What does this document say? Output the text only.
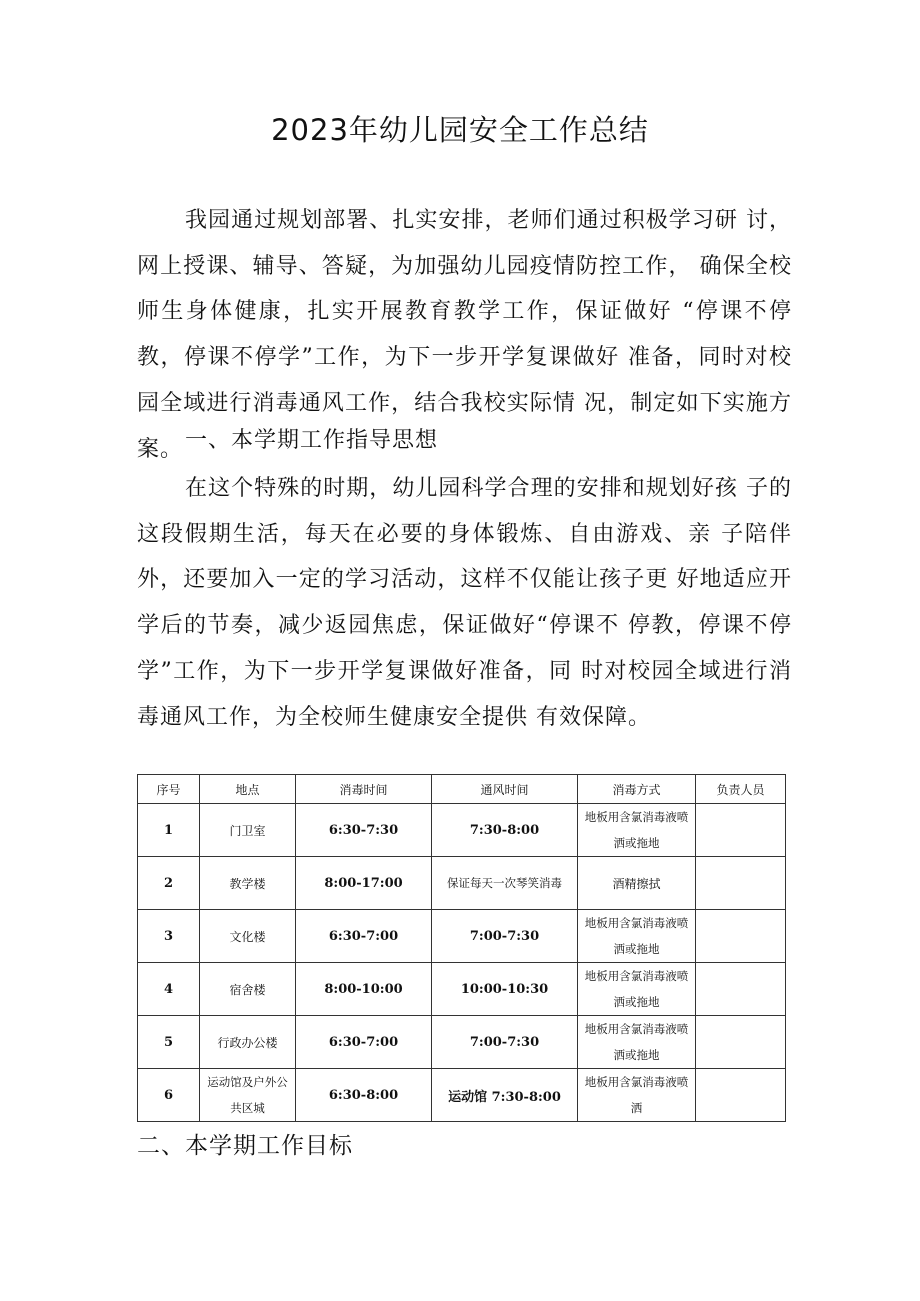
2023年幼儿园安全工作总结

我园通过规划部署、扎实安排，老师们通过积极学习研 讨，网上授课、辅导、答疑，为加强幼儿园疫情防控工作， 确保全校师生身体健康，扎实开展教育教学工作，保证做好 “停课不停教，停课不停学”工作，为下一步开学复课做好 准备，同时对校园全域进行消毒通风工作，结合我校实际情 况，制定如下实施方案。 一、本学期工作指导思想

在这个特殊的时期，幼儿园科学合理的安排和规划好孩 子的这段假期生活，每天在必要的身体锻炼、自由游戏、亲 子陪伴外，还要加入一定的学习活动，这样不仅能让孩子更 好地适应开学后的节奏，减少返园焦虑，保证做好“停课不 停教，停课不停学”工作，为下一步开学复课做好准备，同 时对校园全域进行消毒通风工作，为全校师生健康安全提供 有效保障。

序号	地点	消毒时间	通风时间	消毒方式	负责人员
1	门卫室	6:30-7:30	7:30-8:00	地板用含氯消毒液喷洒或拖地	
2	教学楼	8:00-17:00	保证每天一次琴笑消毒	酒精擦拭	
3	文化楼	6:30-7:00	7:00-7:30	地板用含氯消毒液喷洒或拖地	
4	宿舍楼	8:00-10:00	10:00-10:30	地板用含氯消毒液喷洒或拖地	
5	行政办公楼	6:30-7:00	7:00-7:30	地板用含氯消毒液喷洒或拖地	
6	运动馆及户外公共区城	6:30-8:00	运动馆 7:30-8:00	地板用含氯消毒液喷洒	
二、本学期工作目标
